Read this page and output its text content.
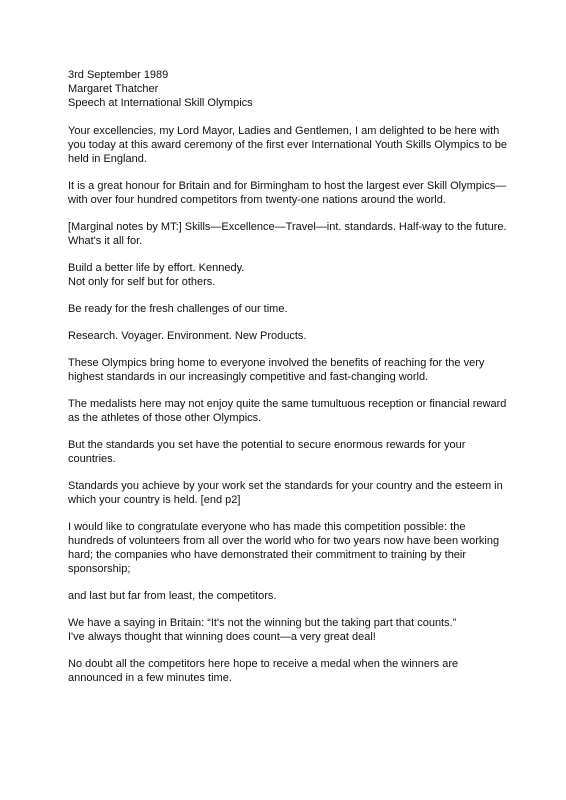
3rd September 1989
Margaret Thatcher
Speech at International Skill Olympics

Your excellencies, my Lord Mayor, Ladies and Gentlemen, I am delighted to be here with you today at this award ceremony of the first ever International Youth Skills Olympics to be held in England.

It is a great honour for Britain and for Birmingham to host the largest ever Skill Olympics—with over four hundred competitors from twenty-one nations around the world.

[Marginal notes by MT:] Skills—Excellence—Travel—int. standards. Half-way to the future.
What's it all for.

Build a better life by effort. Kennedy.
Not only for self but for others.

Be ready for the fresh challenges of our time.

Research. Voyager. Environment. New Products.

These Olympics bring home to everyone involved the benefits of reaching for the very highest standards in our increasingly competitive and fast-changing world.

The medalists here may not enjoy quite the same tumultuous reception or financial reward as the athletes of those other Olympics.

But the standards you set have the potential to secure enormous rewards for your countries.

Standards you achieve by your work set the standards for your country and the esteem in which your country is held. [end p2]

I would like to congratulate everyone who has made this competition possible: the hundreds of volunteers from all over the world who for two years now have been working hard; the companies who have demonstrated their commitment to training by their sponsorship;

and last but far from least, the competitors.

We have a saying in Britain: “It's not the winning but the taking part that counts.”
I've always thought that winning does count—a very great deal!

No doubt all the competitors here hope to receive a medal when the winners are announced in a few minutes time.
